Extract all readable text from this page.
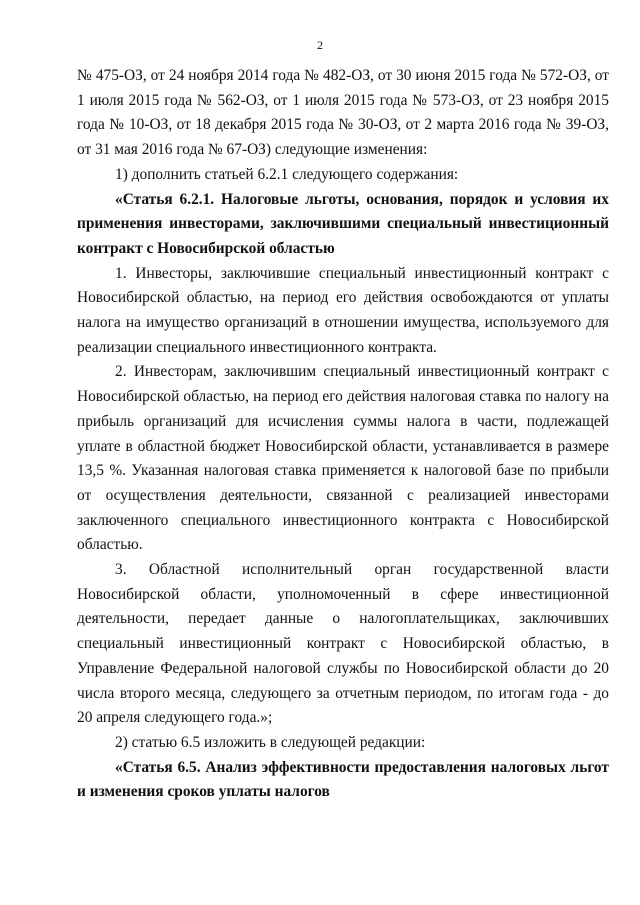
2

№ 475-ОЗ, от 24 ноября 2014 года № 482-ОЗ, от 30 июня 2015 года № 572-ОЗ, от 1 июля 2015 года № 562-ОЗ, от 1 июля 2015 года № 573-ОЗ, от 23 ноября 2015 года № 10-ОЗ, от 18 декабря 2015 года № 30-ОЗ, от 2 марта 2016 года № 39-ОЗ, от 31 мая 2016 года № 67-ОЗ) следующие изменения:

1) дополнить статьей 6.2.1 следующего содержания:

«Статья 6.2.1. Налоговые льготы, основания, порядок и условия их применения инвесторами, заключившими специальный инвестиционный контракт с Новосибирской областью

1. Инвесторы, заключившие специальный инвестиционный контракт с Новосибирской областью, на период его действия освобождаются от уплаты налога на имущество организаций в отношении имущества, используемого для реализации специального инвестиционного контракта.

2. Инвесторам, заключившим специальный инвестиционный контракт с Новосибирской областью, на период его действия налоговая ставка по налогу на прибыль организаций для исчисления суммы налога в части, подлежащей уплате в областной бюджет Новосибирской области, устанавливается в размере 13,5 %. Указанная налоговая ставка применяется к налоговой базе по прибыли от осуществления деятельности, связанной с реализацией инвесторами заключенного специального инвестиционного контракта с Новосибирской областью.

3. Областной исполнительный орган государственной власти Новосибирской области, уполномоченный в сфере инвестиционной деятельности, передает данные о налогоплательщиках, заключивших специальный инвестиционный контракт с Новосибирской областью, в Управление Федеральной налоговой службы по Новосибирской области до 20 числа второго месяца, следующего за отчетным периодом, по итогам года - до 20 апреля следующего года.»;

2) статью 6.5 изложить в следующей редакции:

«Статья 6.5. Анализ эффективности предоставления налоговых льгот и изменения сроков уплаты налогов
